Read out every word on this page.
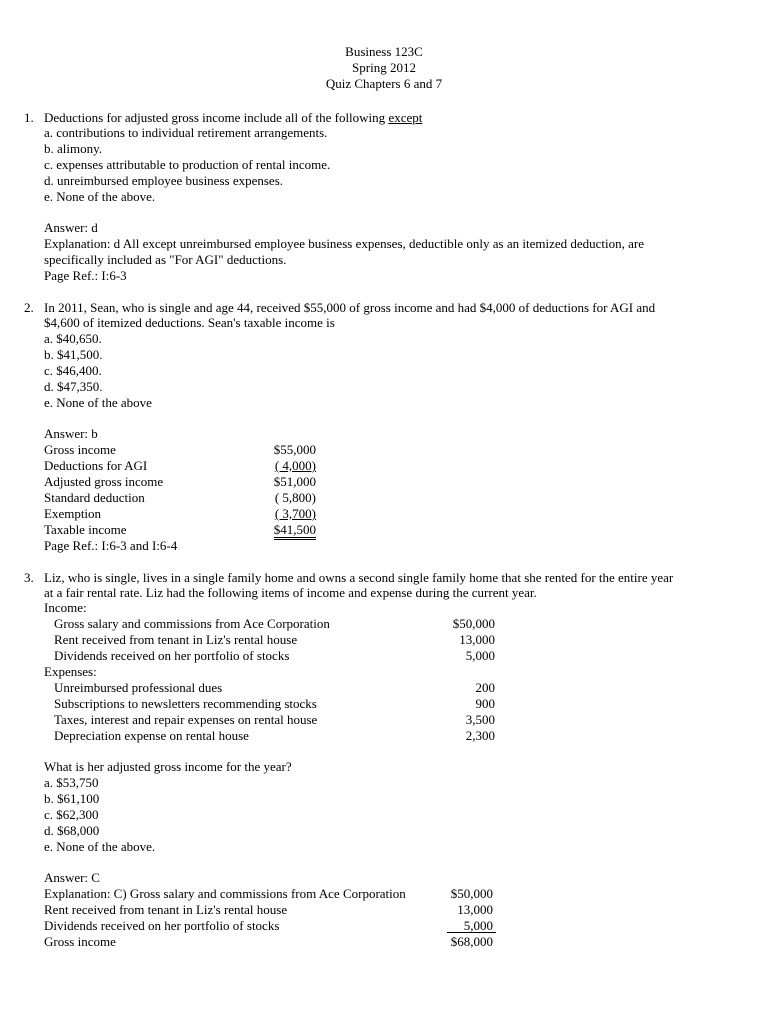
Business 123C
Spring 2012
Quiz Chapters 6 and 7
1. Deductions for adjusted gross income include all of the following except
a. contributions to individual retirement arrangements.
b. alimony.
c. expenses attributable to production of rental income.
d. unreimbursed employee business expenses.
e. None of the above.
Answer: d
Explanation: d All except unreimbursed employee business expenses, deductible only as an itemized deduction, are
specifically included as "For AGI" deductions.
Page Ref.: I:6-3
2. In 2011, Sean, who is single and age 44, received $55,000 of gross income and had $4,000 of deductions for AGI and
$4,600 of itemized deductions. Sean's taxable income is
a. $40,650.
b. $41,500.
c. $46,400.
d. $47,350.
e. None of the above
Answer: b
Gross income	$55,000
Deductions for AGI	( 4,000)
Adjusted gross income	$51,000
Standard deduction	( 5,800)
Exemption	( 3,700)
Taxable income	$41,500
Page Ref.: I:6-3 and I:6-4
3. Liz, who is single, lives in a single family home and owns a second single family home that she rented for the entire year
at a fair rental rate. Liz had the following items of income and expense during the current year.
Income:
Gross salary and commissions from Ace Corporation	$50,000
Rent received from tenant in Liz's rental house	13,000
Dividends received on her portfolio of stocks	5,000
Expenses:
Unreimbursed professional dues	200
Subscriptions to newsletters recommending stocks	900
Taxes, interest and repair expenses on rental house	3,500
Depreciation expense on rental house	2,300
What is her adjusted gross income for the year?
a. $53,750
b. $61,100
c. $62,300
d. $68,000
e. None of the above.
Answer: C
Explanation: C) Gross salary and commissions from Ace Corporation	$50,000
Rent received from tenant in Liz's rental house	13,000
Dividends received on her portfolio of stocks	5,000
Gross income	$68,000
